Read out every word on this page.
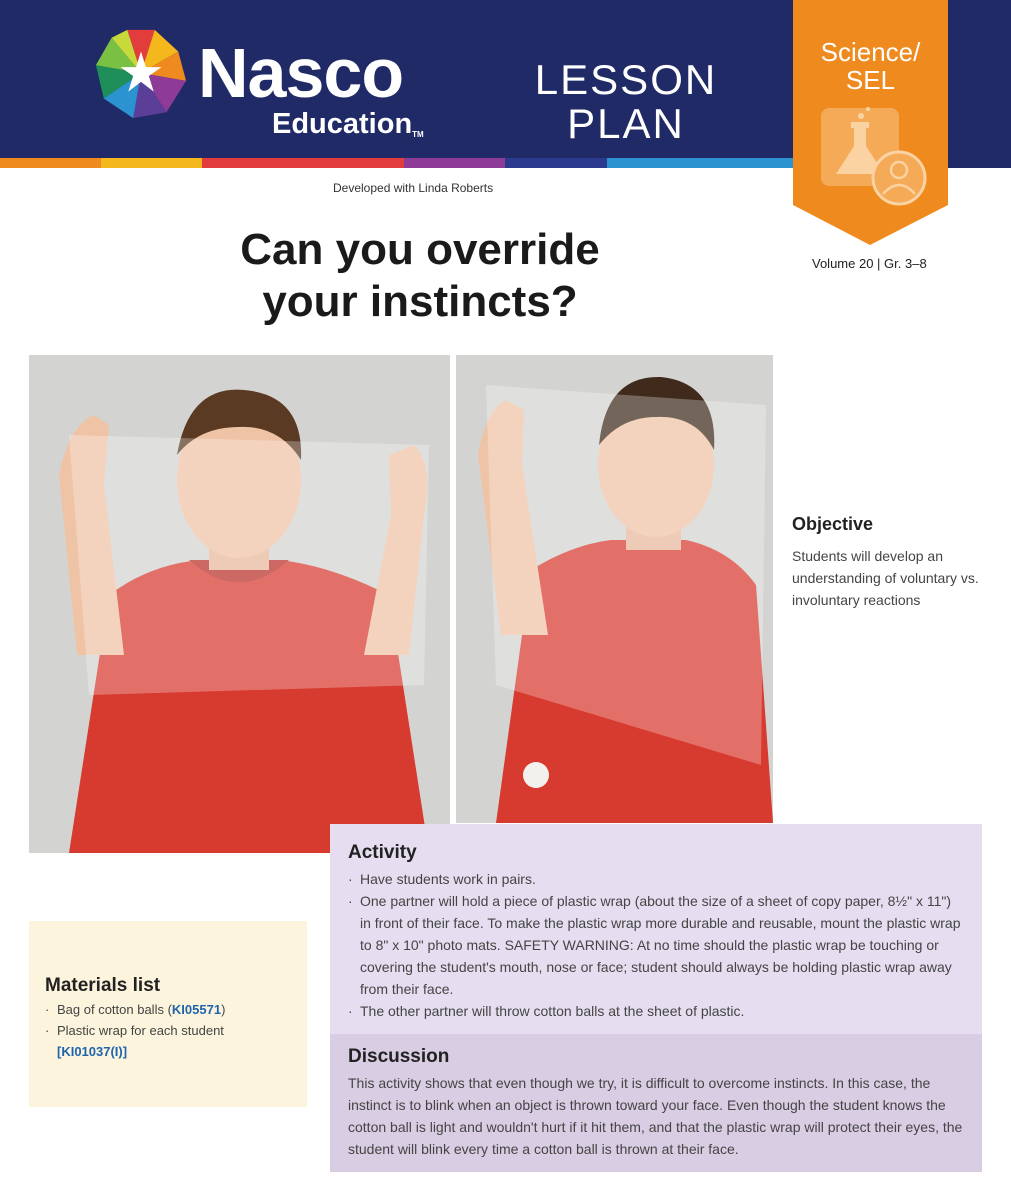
Nasco
EducationTM
LESSON
PLAN
Science/
SEL
Developed with Linda Roberts
Volume 20 | Gr. 3–8
Can you override
your instincts?
Objective
Students will develop an understanding of voluntary vs. involuntary reactions
Activity
· Have students work in pairs.
· One partner will hold a piece of plastic wrap (about the size of a sheet of copy paper, 8½" x 11") in front of their face. To make the plastic wrap more durable and reusable, mount the plastic wrap to 8" x 10" photo mats. SAFETY WARNING: At no time should the plastic wrap be touching or covering the student's mouth, nose or face; student should always be holding plastic wrap away from their face.
· The other partner will throw cotton balls at the sheet of plastic.
Discussion
This activity shows that even though we try, it is difficult to overcome instincts. In this case, the instinct is to blink when an object is thrown toward your face. Even though the student knows the cotton ball is light and wouldn't hurt if it hit them, and that the plastic wrap will protect their eyes, the student will blink every time a cotton ball is thrown at their face.
Materials list
· Bag of cotton balls (KI05571)
· Plastic wrap for each student [KI01037(I)]
